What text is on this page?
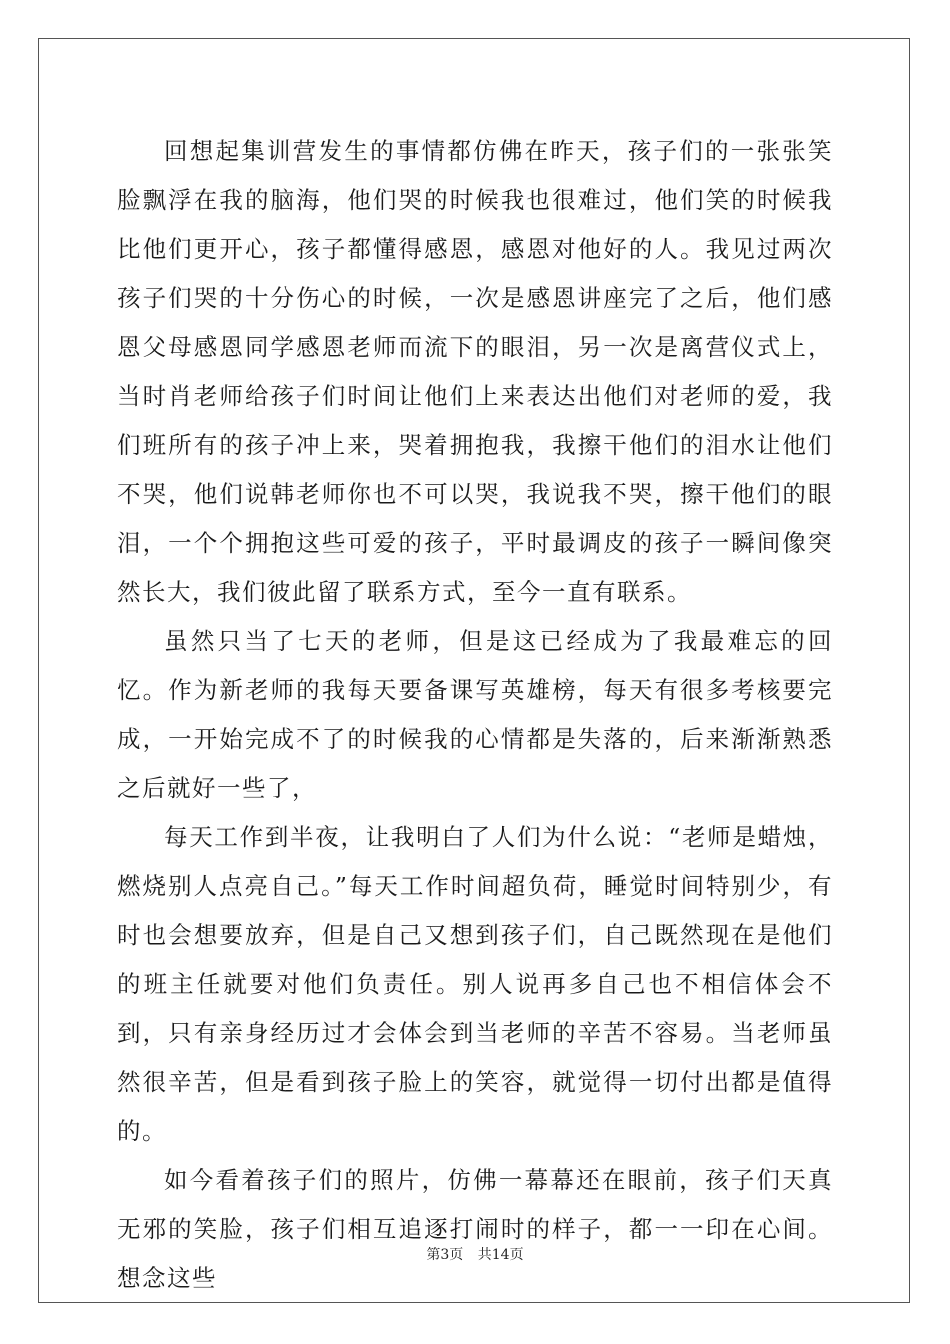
回想起集训营发生的事情都仿佛在昨天，孩子们的一张张笑脸飘浮在我的脑海，他们哭的时候我也很难过，他们笑的时候我比他们更开心，孩子都懂得感恩，感恩对他好的人。我见过两次孩子们哭的十分伤心的时候，一次是感恩讲座完了之后，他们感恩父母感恩同学感恩老师而流下的眼泪，另一次是离营仪式上，当时肖老师给孩子们时间让他们上来表达出他们对老师的爱，我们班所有的孩子冲上来，哭着拥抱我，我擦干他们的泪水让他们不哭，他们说韩老师你也不可以哭，我说我不哭，擦干他们的眼泪，一个个拥抱这些可爱的孩子，平时最调皮的孩子一瞬间像突然长大，我们彼此留了联系方式，至今一直有联系。

虽然只当了七天的老师，但是这已经成为了我最难忘的回忆。作为新老师的我每天要备课写英雄榜，每天有很多考核要完成，一开始完成不了的时候我的心情都是失落的，后来渐渐熟悉之后就好一些了，

每天工作到半夜，让我明白了人们为什么说：“老师是蜡烛，燃烧别人点亮自己。”每天工作时间超负荷，睡觉时间特别少，有时也会想要放弃，但是自己又想到孩子们，自己既然现在是他们的班主任就要对他们负责任。别人说再多自己也不相信体会不到，只有亲身经历过才会体会到当老师的辛苦不容易。当老师虽然很辛苦，但是看到孩子脸上的笑容，就觉得一切付出都是值得的。

如今看着孩子们的照片，仿佛一幕幕还在眼前，孩子们天真无邪的笑脸，孩子们相互追逐打闹时的样子，都一一印在心间。想念这些

第3页 共14页
